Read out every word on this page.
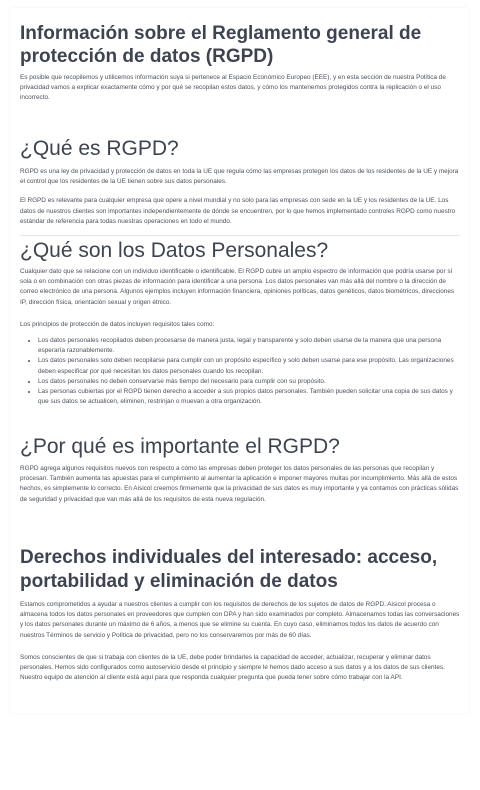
Información sobre el Reglamento general de protección de datos (RGPD)

Es posible que recopilemos y utilicemos información suya si pertenece al Espacio Económico Europeo (EEE), y en esta sección de nuestra Política de privacidad vamos a explicar exactamente cómo y por qué se recopilan estos datos, y cómo los mantenemos protegidos contra la replicación o el uso incorrecto.

¿Qué es RGPD?

RGPD es una ley de privacidad y protección de datos en toda la UE que regula cómo las empresas protegen los datos de los residentes de la UE y mejora el control que los residentes de la UE tienen sobre sus datos personales.

El RGPD es relevante para cualquier empresa que opere a nivel mundial y no solo para las empresas con sede en la UE y los residentes de la UE. Los datos de nuestros clientes son importantes independientemente de dónde se encuentren, por lo que hemos implementado controles RGPD como nuestro estándar de referencia para todas nuestras operaciones en todo el mundo.

¿Qué son los Datos Personales?

Cualquier dato que se relacione con un individuo identificable o identificable. El RGPD cubre un amplio espectro de información que podría usarse por sí sola o en combinación con otras piezas de información para identificar a una persona. Los datos personales van más allá del nombre o la dirección de correo electrónico de una persona. Algunos ejemplos incluyen información financiera, opiniones políticas, datos genéticos, datos biométricos, direcciones IP, dirección física, orientación sexual y origen étnico.

Los principios de protección de datos incluyen requisitos tales como:

• Los datos personales recopilados deben procesarse de manera justa, legal y transparente y solo deben usarse de la manera que una persona esperaría razonablemente.
• Los datos personales solo deben recopilarse para cumplir con un propósito específico y solo deben usarse para ese propósito. Las organizaciones deben especificar por qué necesitan los datos personales cuando los recopilan.
• Los datos personales no deben conservarse más tiempo del necesario para cumplir con su propósito.
• Las personas cubiertas por el RGPD tienen derecho a acceder a sus propios datos personales. También pueden solicitar una copia de sus datos y que sus datos se actualicen, eliminen, restrinjan o muevan a otra organización.
¿Por qué es importante el RGPD?

RGPD agrega algunos requisitos nuevos con respecto a cómo las empresas deben proteger los datos personales de las personas que recopilan y procesan. También aumenta las apuestas para el cumplimiento al aumentar la aplicación e imponer mayores multas por incumplimiento. Más allá de estos hechos, es simplemente lo correcto. En Aisicol creemos firmemente que la privacidad de sus datos es muy importante y ya contamos con prácticas sólidas de seguridad y privacidad que van más allá de los requisitos de esta nueva regulación.

Derechos individuales del interesado: acceso, portabilidad y eliminación de datos

Estamos comprometidos a ayudar a nuestros clientes a cumplir con los requisitos de derechos de los sujetos de datos de RGPD. Aisicol procesa o almacena todos los datos personales en proveedores que cumplen con DPA y han sido examinados por completo. Almacenamos todas las conversaciones y los datos personales durante un máximo de 6 años, a menos que se elimine su cuenta. En cuyo caso, eliminamos todos los datos de acuerdo con nuestros Términos de servicio y Política de privacidad, pero no los conservaremos por más de 60 días.

Somos conscientes de que si trabaja con clientes de la UE, debe poder brindarles la capacidad de acceder, actualizar, recuperar y eliminar datos personales. Hemos sido configurados como autoservicio desde el principio y siempre le hemos dado acceso a sus datos y a los datos de sus clientes. Nuestro equipo de atención al cliente está aquí para que responda cualquier pregunta que pueda tener sobre cómo trabajar con la API.
